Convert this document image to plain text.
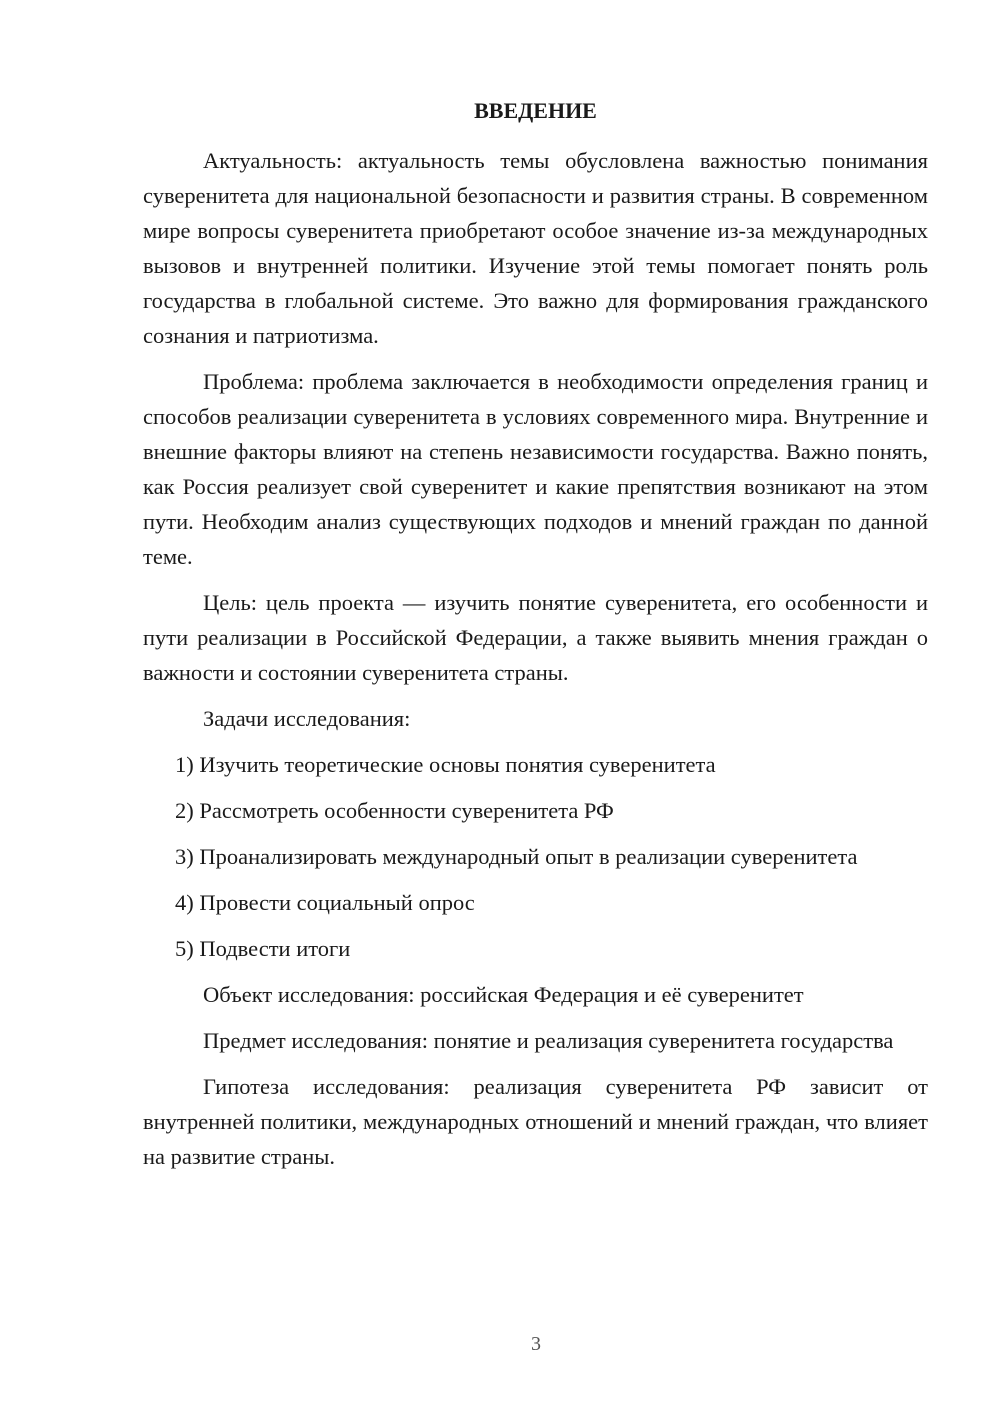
ВВЕДЕНИЕ

Актуальность: актуальность темы обусловлена важностью понимания суверенитета для национальной безопасности и развития страны. В современном мире вопросы суверенитета приобретают особое значение из-за международных вызовов и внутренней политики. Изучение этой темы помогает понять роль государства в глобальной системе. Это важно для формирования гражданского сознания и патриотизма.

Проблема: проблема заключается в необходимости определения границ и способов реализации суверенитета в условиях современного мира. Внутренние и внешние факторы влияют на степень независимости государства. Важно понять, как Россия реализует свой суверенитет и какие препятствия возникают на этом пути. Необходим анализ существующих подходов и мнений граждан по данной теме.

Цель: цель проекта — изучить понятие суверенитета, его особенности и пути реализации в Российской Федерации, а также выявить мнения граждан о важности и состоянии суверенитета страны.

Задачи исследования:

1) Изучить теоретические основы понятия суверенитета

2) Рассмотреть особенности суверенитета РФ

3) Проанализировать международный опыт в реализации суверенитета

4) Провести социальный опрос

5) Подвести итоги

Объект исследования: российская Федерация и её суверенитет

Предмет исследования: понятие и реализация суверенитета государства

Гипотеза исследования: реализация суверенитета РФ зависит от внутренней политики, международных отношений и мнений граждан, что влияет на развитие страны.

3
